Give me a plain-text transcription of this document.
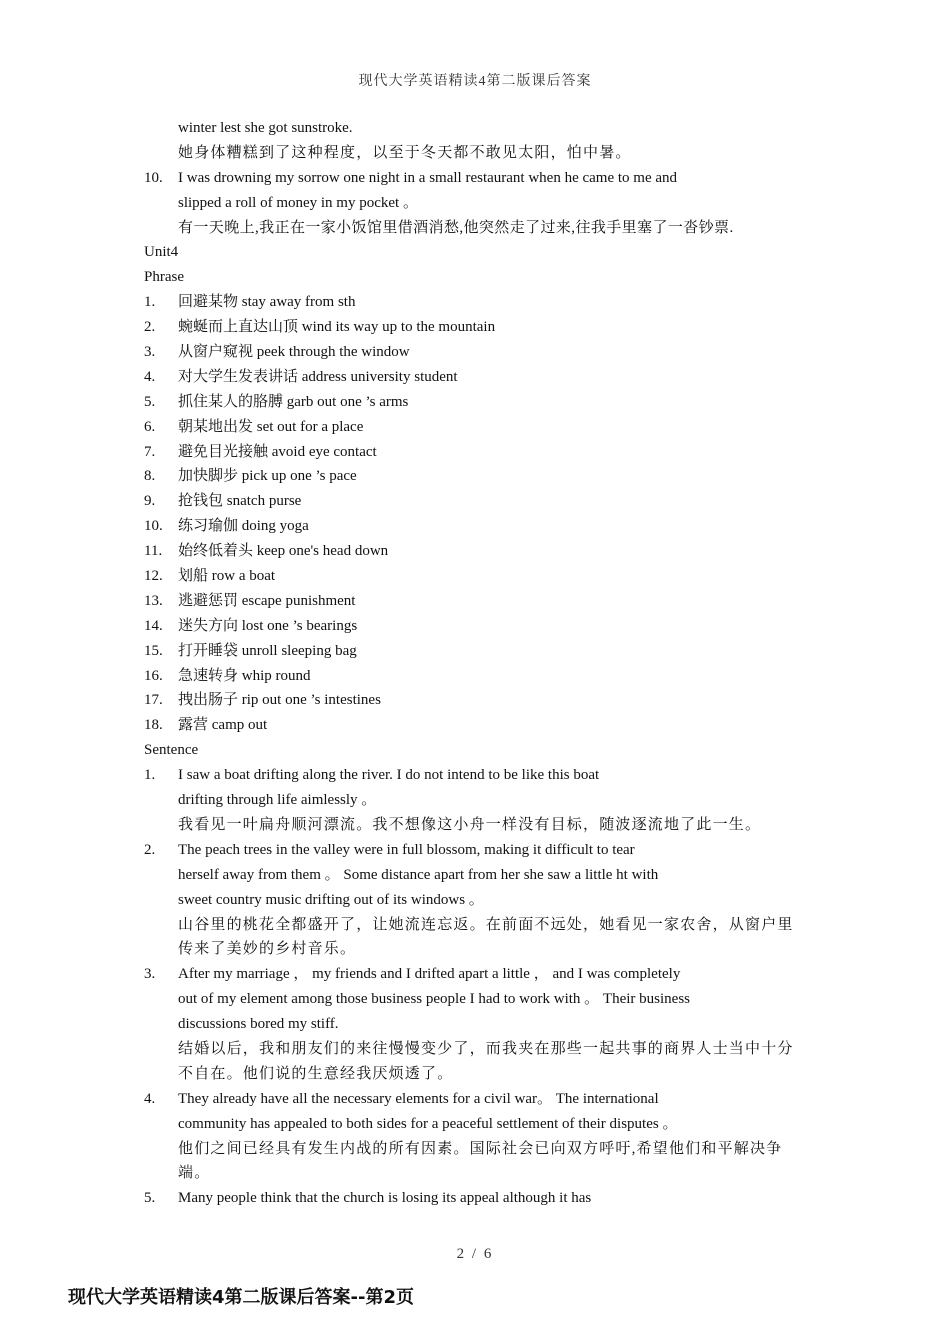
现代大学英语精读4第二版课后答案
winter lest she got sunstroke.
她身体糟糕到了这种程度，以至于冬天都不敢见太阳，怕中暑。
10. I was drowning my sorrow one night in a small restaurant when he came to me and
slipped a roll of money in my pocket 。
有一天晚上,我正在一家小饭馆里借酒消愁,他突然走了过来,往我手里塞了一沓钞票.
Unit4
Phrase
1. 回避某物 stay away from sth
2. 蜿蜒而上直达山顶 wind its way up to the mountain
3. 从窗户窥视 peek through the window
4. 对大学生发表讲话 address university student
5. 抓住某人的胳膊 garb out one ’s arms
6. 朝某地出发 set out for a place
7. 避免目光接触 avoid eye contact
8. 加快脚步 pick up one ’s pace
9. 抢钱包 snatch purse
10. 练习瑜伽 doing yoga
11. 始终低着头 keep one's head down
12. 划船 row a boat
13. 逃避惩罚 escape punishment
14. 迷失方向 lost one ’s bearings
15. 打开睡袋 unroll sleeping bag
16. 急速转身 whip round
17. 拽出肠子 rip out one ’s intestines
18. 露营 camp out
Sentence
1. I saw a boat drifting along the river. I do not intend to be like this boat
drifting through life aimlessly 。
我看见一叶扁舟顺河漂流。我不想像这小舟一样没有目标，随波逐流地了此一生。
2. The peach trees in the valley were in full blossom, making it difficult to tear
herself away from them 。 Some distance apart from her she saw a little ht with
sweet country music drifting out of its windows 。
山谷里的桃花全都盛开了，让她流连忘返。在前面不远处，她看见一家农舍，从窗户里
传来了美妙的乡村音乐。
3. After my marriage ， my friends and I drifted apart a little ， and I was completely
out of my element among those business people I had to work with 。 Their business
discussions bored my stiff.
结婚以后，我和朋友们的来往慢慢变少了，而我夹在那些一起共事的商界人士当中十分
不自在。他们说的生意经我厌烦透了。
4. They already have all the necessary elements for a civil war。 The international
community has appealed to both sides for a peaceful settlement of their disputes 。
他们之间已经具有发生内战的所有因素。国际社会已向双方呼吁,希望他们和平解决争
端。
5. Many people think that the church is losing its appeal although it has
2 / 6
现代大学英语精读4第二版课后答案--第2页
